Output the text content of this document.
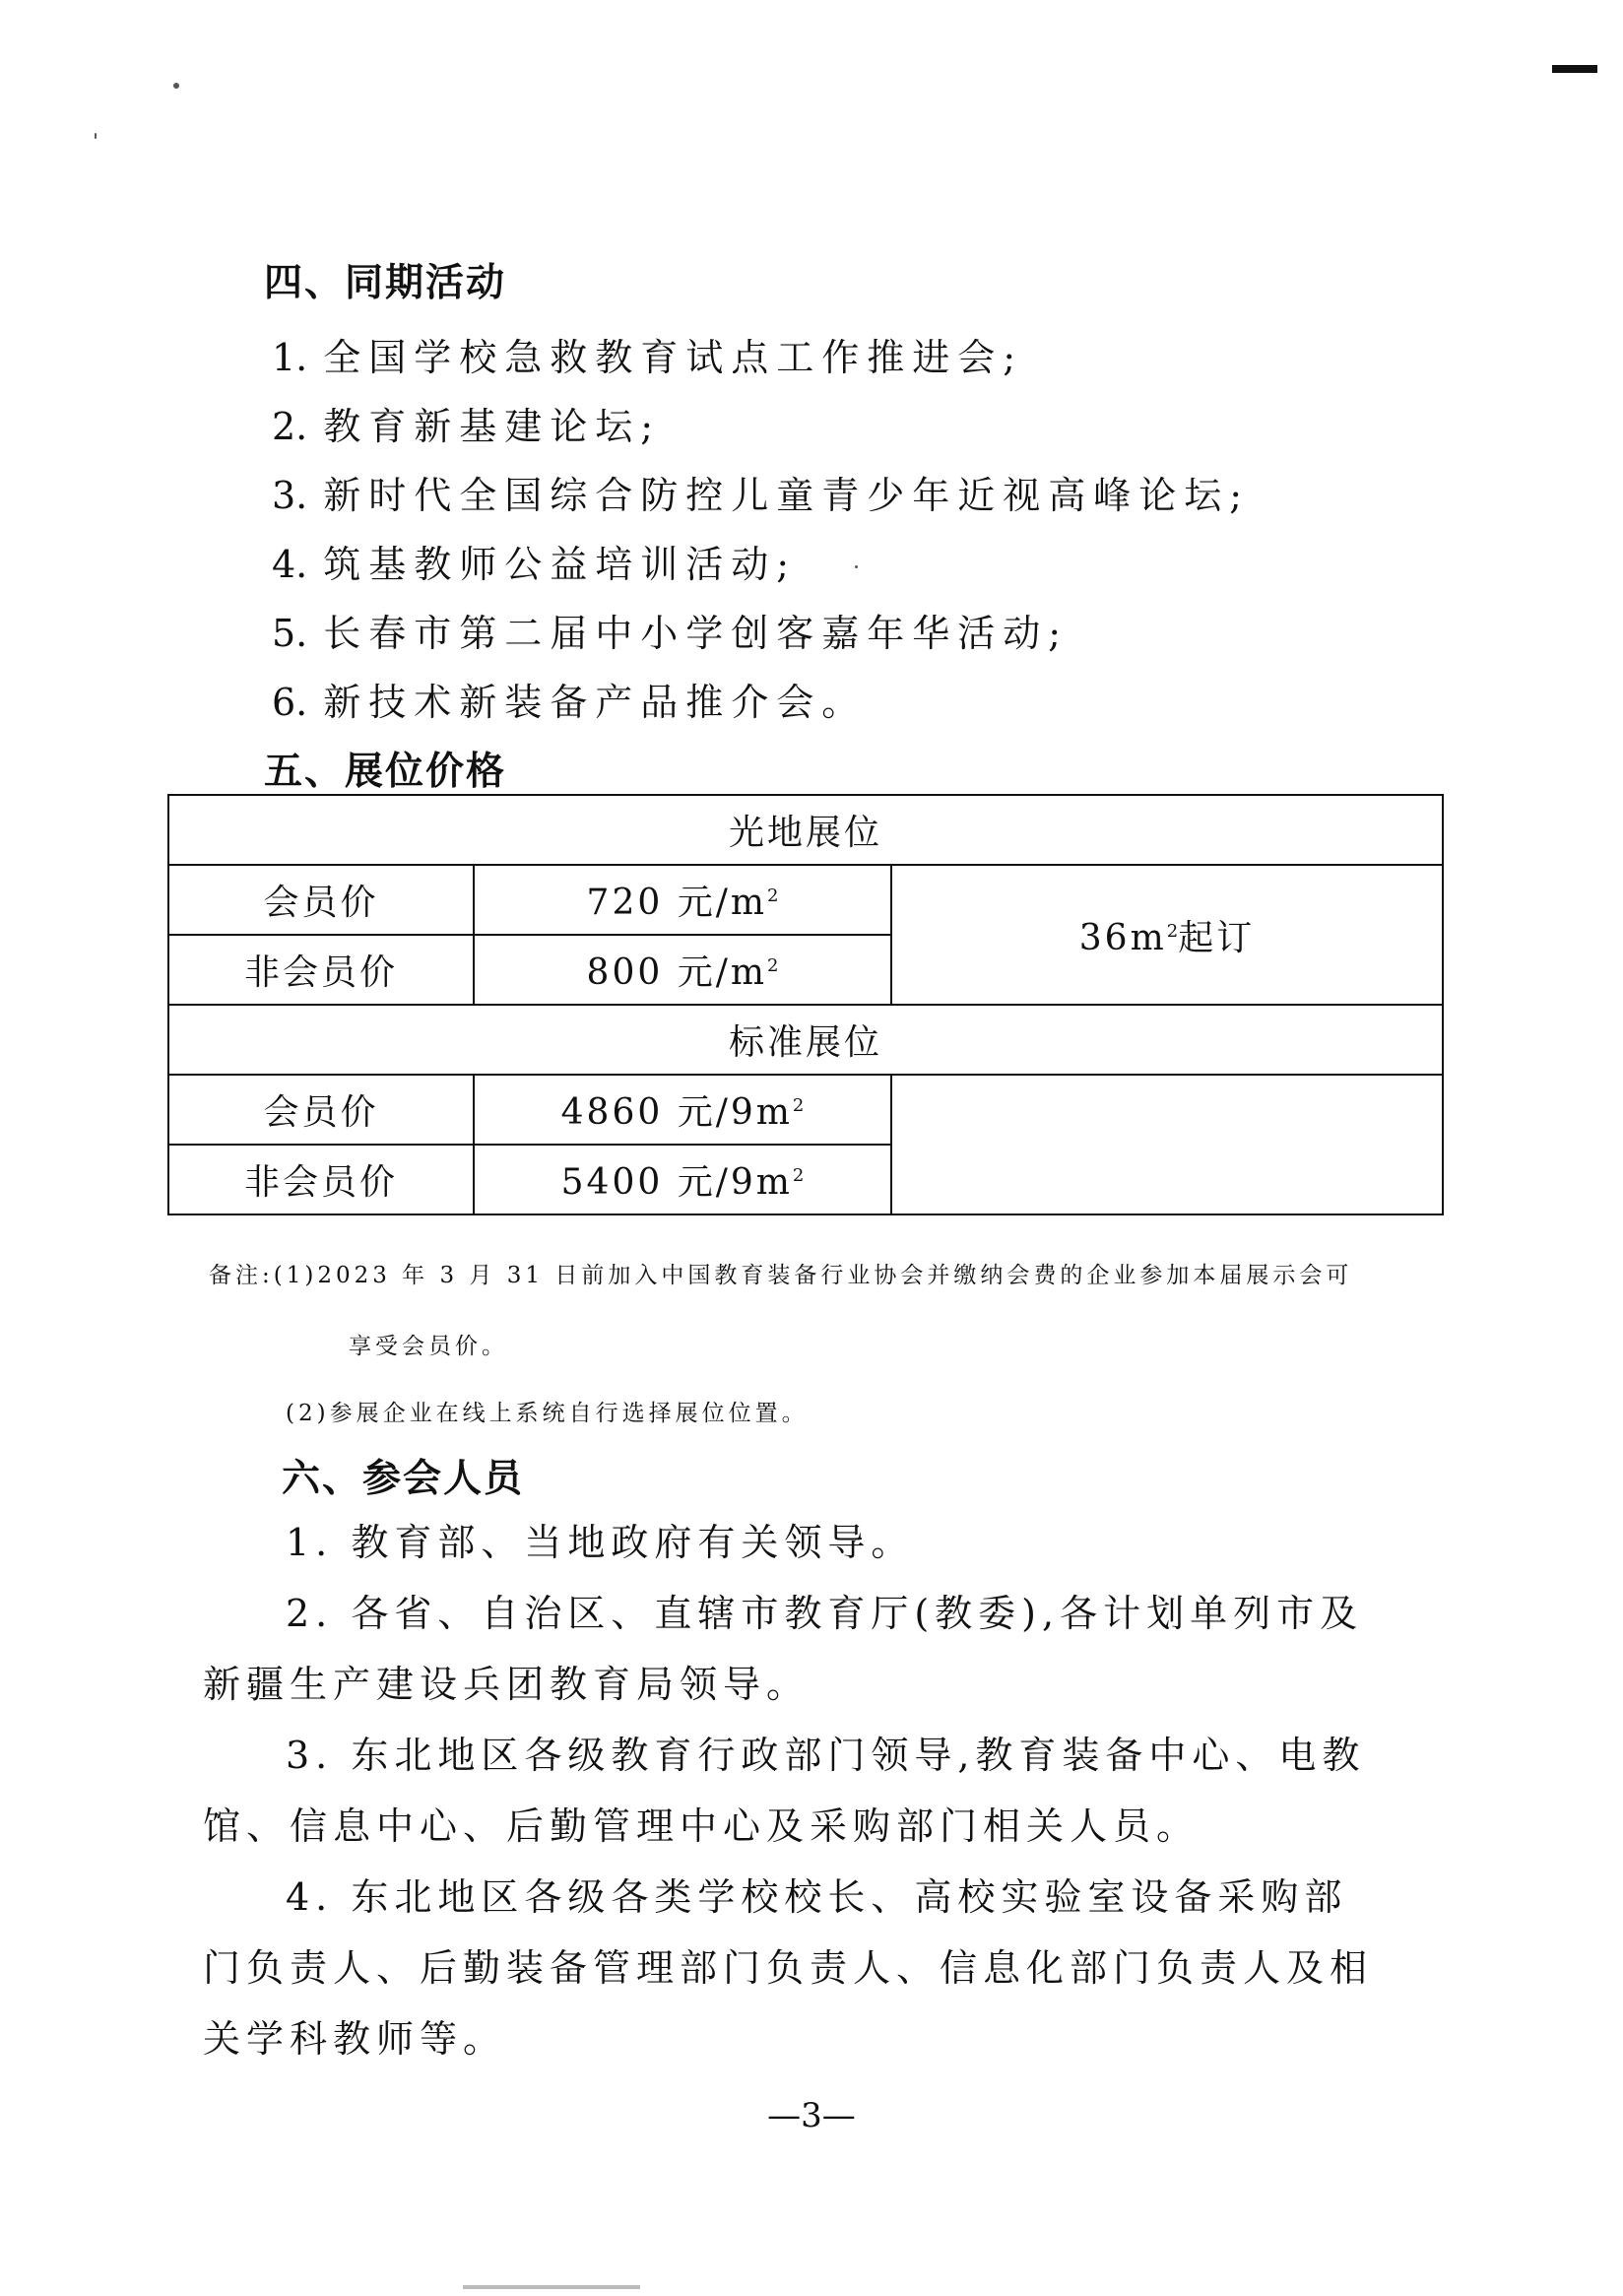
四、同期活动
1. 全国学校急救教育试点工作推进会;
2. 教育新基建论坛;
3. 新时代全国综合防控儿童青少年近视高峰论坛;
4. 筑基教师公益培训活动;
5. 长春市第二届中小学创客嘉年华活动;
6. 新技术新装备产品推介会。
五、展位价格
光地展位		
会员价	720 元$/m^2$	$36m^2$起订
非会员价	800 元$/m^2$
标准展位		
会员价	4860 元$/9m^2$	
非会员价	5400 元$/9m^2$
备注:(1)2023 年 3 月 31 日前加入中国教育装备行业协会并缴纳会费的企业参加本届展示会可
享受会员价。
(2)参展企业在线上系统自行选择展位位置。
六、参会人员
1. 教育部、当地政府有关领导。
2. 各省、自治区、直辖市教育厅(教委),各计划单列市及新疆生产建设兵团教育局领导。
3. 东北地区各级教育行政部门领导,教育装备中心、电教馆、信息中心、后勤管理中心及采购部门相关人员。
4. 东北地区各级各类学校校长、高校实验室设备采购部门负责人、后勤装备管理部门负责人、信息化部门负责人及相关学科教师等。
—3—
